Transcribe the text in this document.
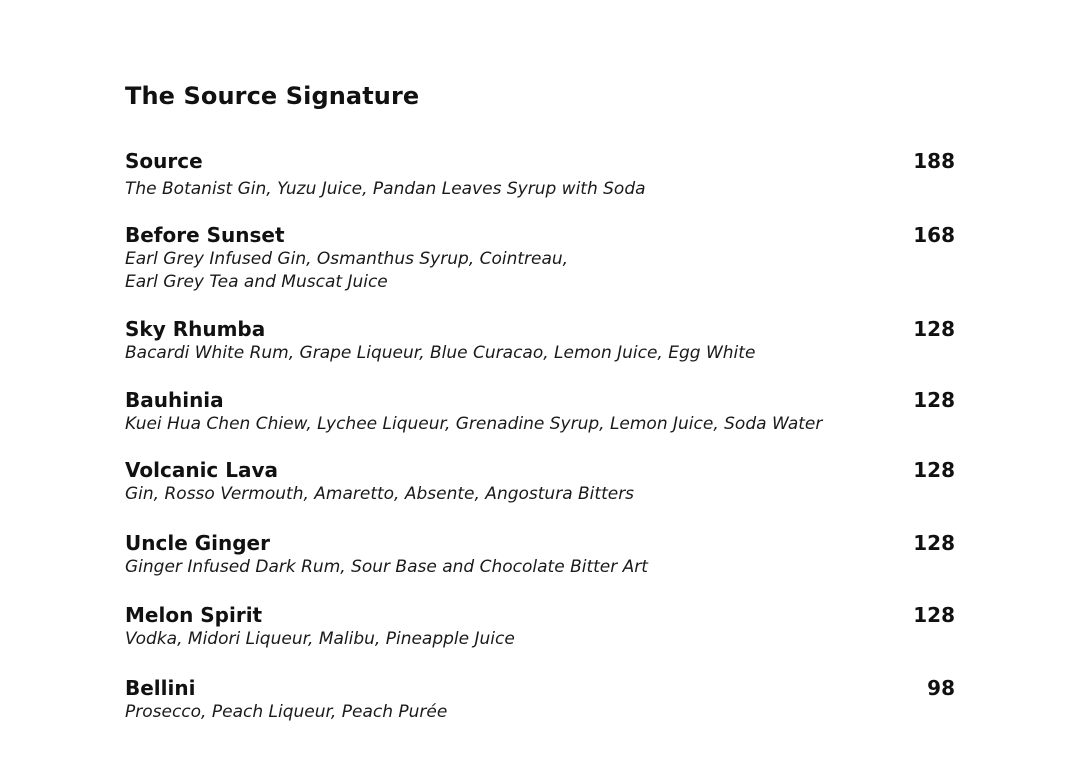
The Source Signature
Source	188
The Botanist Gin, Yuzu Juice, Pandan Leaves Syrup with Soda
Before Sunset	168
Earl Grey Infused Gin, Osmanthus Syrup, Cointreau,
Earl Grey Tea and Muscat Juice
Sky Rhumba	128
Bacardi White Rum, Grape Liqueur, Blue Curacao, Lemon Juice, Egg White
Bauhinia	128
Kuei Hua Chen Chiew, Lychee Liqueur, Grenadine Syrup, Lemon Juice, Soda Water
Volcanic Lava	128
Gin, Rosso Vermouth, Amaretto, Absente, Angostura Bitters
Uncle Ginger	128
Ginger Infused Dark Rum, Sour Base and Chocolate Bitter Art
Melon Spirit	128
Vodka, Midori Liqueur, Malibu, Pineapple Juice
Bellini	98
Prosecco, Peach Liqueur, Peach Purée
